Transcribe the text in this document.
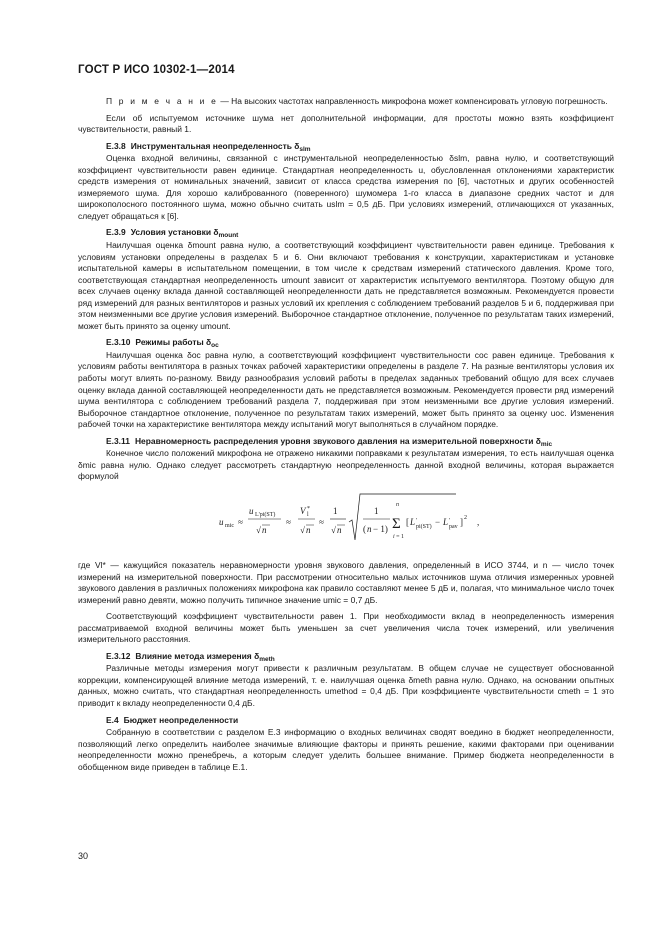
ГОСТ Р ИСО 10302-1—2014

П р и м е ч а н и е — На высоких частотах направленность микрофона может компенсировать угловую погрешность.

Если об испытуемом источнике шума нет дополнительной информации, для простоты можно взять коэффициент чувствительности, равный 1.

Е.3.8 Инструментальная неопределенность $\delta_{slm}$

Оценка входной величины, связанной с инструментальной неопределенностью δslm, равна нулю, и соответствующий коэффициент чувствительности равен единице. Стандартная неопределенность u, обусловленная отклонениями характеристик средств измерения от номинальных значений, зависит от класса средства измерения по [6], частотных и других особенностей измеряемого шума. Для хорошо калиброванного (поверенного) шумомера 1-го класса в диапазоне средних частот и для широкополосного постоянного шума, можно обычно считать uslm = 0,5 дБ. При условиях измерений, отличающихся от указанных, следует обращаться к [6].

Е.3.9 Условия установки $\delta_{mount}$

Наилучшая оценка δmount равна нулю, а соответствующий коэффициент чувствительности равен единице. Требования к условиям установки определены в разделах 5 и 6. Они включают требования к конструкции, характеристикам и установке испытательной камеры в испытательном помещении, в том числе к средствам измерений статического давления. Кроме того, соответствующая стандартная неопределенность umount зависит от характеристик испытуемого вентилятора. Поэтому общую для всех случаев оценку вклада данной составляющей неопределенности дать не представляется возможным. Рекомендуется провести ряд измерений для разных вентиляторов и разных условий их крепления с соблюдением требований разделов 5 и 6, поддерживая при этом неизменными все другие условия измерений. Выборочное стандартное отклонение, полученное по результатам таких измерений, может быть принято за оценку umount.

Е.3.10 Режимы работы $\delta_{oc}$

Наилучшая оценка δoc равна нулю, а соответствующий коэффициент чувствительности coc равен единице. Требования к условиям работы вентилятора в разных точках рабочей характеристики определены в разделе 7. На разные вентиляторы условия их работы могут влиять по-разному. Ввиду разнообразия условий работы в пределах заданных требований общую для всех случаев оценку вклада данной составляющей неопределенности дать не представляется возможным. Рекомендуется провести ряд измерений шума вентилятора с соблюдением требований раздела 7, поддерживая при этом неизменными все другие условия измерений. Выборочное стандартное отклонение, полученное по результатам таких измерений, может быть принято за оценку uoc. Изменения рабочей точки на характеристике вентилятора между испытаний могут выполняться в случайном порядке.

Е.3.11 Неравномерность распределения уровня звукового давления на измерительной поверхности $\delta_{mic}$

Конечное число положений микрофона не отражено никакими поправками к результатам измерения, то есть наилучшая оценка δmic равна нулю. Однако следует рассмотреть стандартную неопределенность данной входной величины, которая выражается формулой

u mic ≈
u L'pi(ST)
√ n
≈
V l
*
√ n
≈
1
√ n
1
( n − 1)
n
Σ
i = 1
[ L '
pi(ST) − L '
pav ] 2 ,

где Vl* — кажущийся показатель неравномерности уровня звукового давления, определенный в ИСО 3744, и n — число точек измерений на измерительной поверхности. При рассмотрении относительно малых источников шума отличия измеренных уровней звукового давления в различных положениях микрофона как правило составляют менее 5 дБ и, полагая, что минимальное число точек измерений равно девяти, можно получить типичное значение umic = 0,7 дБ.

Соответствующий коэффициент чувствительности равен 1. При необходимости вклад в неопределенность измерения рассматриваемой входной величины может быть уменьшен за счет увеличения числа точек измерений, или увеличения измерительного расстояния.

Е.3.12 Влияние метода измерения $\delta_{meth}$

Различные методы измерения могут привести к различным результатам. В общем случае не существует обоснованной коррекции, компенсирующей влияние метода измерений, т. е. наилучшая оценка δmeth равна нулю. Однако, на основании опытных данных, можно считать, что стандартная неопределенность umethod = 0,4 дБ. При коэффициенте чувствительности cmeth = 1 это приводит к вкладу неопределенности 0,4 дБ.

Е.4 Бюджет неопределенности

Собранную в соответствии с разделом Е.3 информацию о входных величинах сводят воедино в бюджет неопределенности, позволяющий легко определить наиболее значимые влияющие факторы и принять решение, какими факторами при оценивании неопределенности можно пренебречь, а которым следует уделить большее внимание. Пример бюджета неопределенности в обобщенном виде приведен в таблице Е.1.

30
